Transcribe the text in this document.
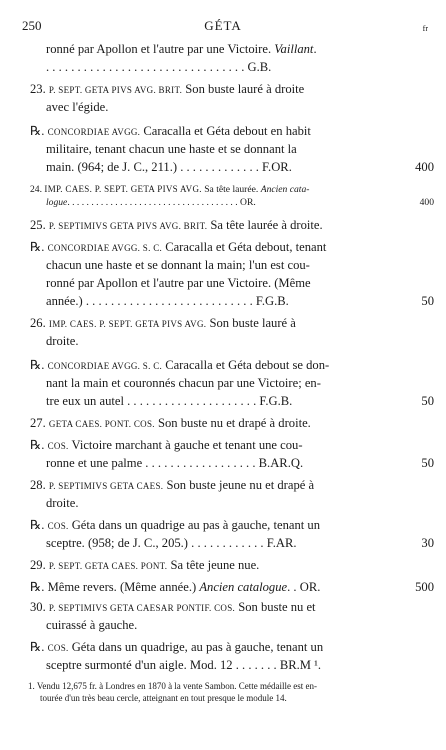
250	GÉTA	fr
ronné par Apollon et l'autre par une Victoire. Vaillant.
. . . . . . . . . . . . . . . . . . . . . . . . . . . . . . . . G.B.
23. P. SEPT. GETA PIVS AVG. BRIT. Son buste lauré à droite
avec l'égide.
℞. CONCORDIAE AVGG. Caracalla et Géta debout en habit
militaire, tenant chacun une haste et se donnant la
main. (964; de J. C., 211.) . . . . . . . . . . . . . F.OR.
24. IMP. CAES. P. SEPT. GETA PIVS AVG. Sa tête laurée. Ancien cata-
logue. . . . . . . . . . . . . . . . . . . . . . . . . . . . . . . . . . . . OR.
25. P. SEPTIMIVS GETA PIVS AVG. BRIT. Sa tête laurée à droite.
℞. CONCORDIAE AVGG. S. C. Caracalla et Géta debout, tenant
chacun une haste et se donnant la main; l'un est cou-
ronné par Apollon et l'autre par une Victoire. (Même
année.) . . . . . . . . . . . . . . . . . . . . . . . . . . . F.G.B.
26. IMP. CAES. P. SEPT. GETA PIVS AVG. Son buste lauré à
droite.
℞. CONCORDIAE AVGG. S. C. Caracalla et Géta debout se don-
nant la main et couronnés chacun par une Victoire; en-
tre eux un autel . . . . . . . . . . . . . . . . . . . . . F.G.B.
27. GETA CAES. PONT. COS. Son buste nu et drapé à droite.
℞. COS. Victoire marchant à gauche et tenant une cou-
ronne et une palme . . . . . . . . . . . . . . . . . . B.AR.Q.
28. P. SEPTIMIVS GETA CAES. Son buste jeune nu et drapé à
droite.
℞. COS. Géta dans un quadrige au pas à gauche, tenant un
sceptre. (958; de J. C., 205.) . . . . . . . . . . . . F.AR.
29. P. SEPT. GETA CAES. PONT. Sa tête jeune nue.
℞. Même revers. (Même année.) Ancien catalogue. . OR.
30. P. SEPTIMIVS GETA CAESAR PONTIF. COS. Son buste nu et
cuirassé à gauche.
℞. COS. Géta dans un quadrige, au pas à gauche, tenant un
sceptre surmonté d'un aigle. Mod. 12 . . . . . . . BR.M ¹.
400
400
50
50
50
30
500
1. Vendu 12,675 fr. à Londres en 1870 à la vente Sambon. Cette médaille est en-
tourée d'un très beau cercle, atteignant en tout presque le module 14.
